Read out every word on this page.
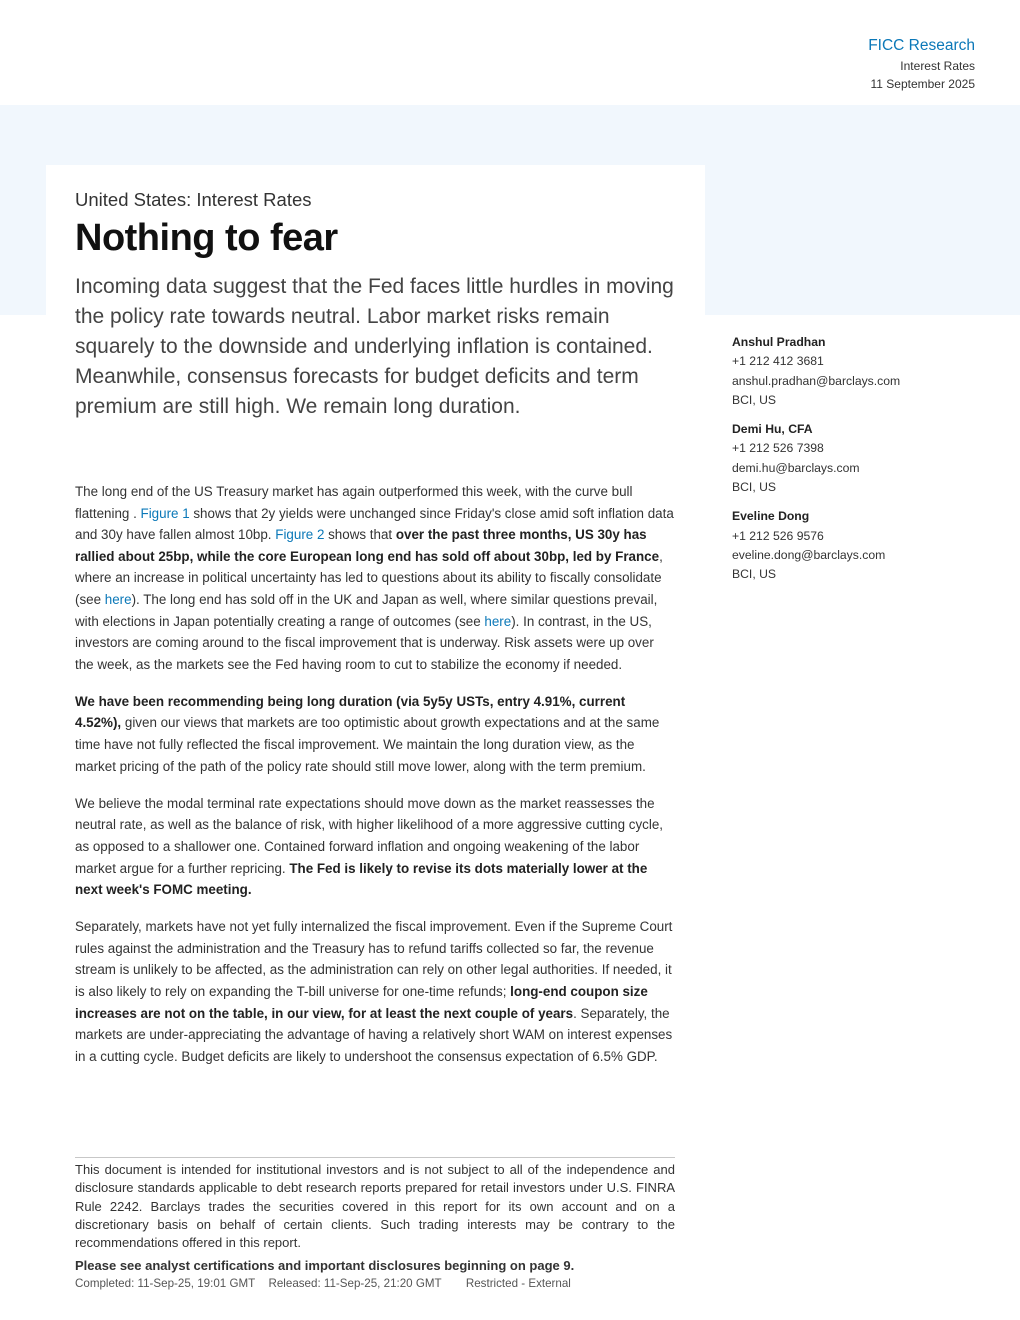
FICC Research
Interest Rates
11 September 2025
United States: Interest Rates
Nothing to fear
Incoming data suggest that the Fed faces little hurdles in moving the policy rate towards neutral. Labor market risks remain squarely to the downside and underlying inflation is contained. Meanwhile, consensus forecasts for budget deficits and term premium are still high. We remain long duration.
Anshul Pradhan
+1 212 412 3681
anshul.pradhan@barclays.com
BCI, US
Demi Hu, CFA
+1 212 526 7398
demi.hu@barclays.com
BCI, US
Eveline Dong
+1 212 526 9576
eveline.dong@barclays.com
BCI, US

The long end of the US Treasury market has again outperformed this week, with the curve bull flattening . Figure 1 shows that 2y yields were unchanged since Friday's close amid soft inflation data and 30y have fallen almost 10bp. Figure 2 shows that over the past three months, US 30y has rallied about 25bp, while the core European long end has sold off about 30bp, led by France, where an increase in political uncertainty has led to questions about its ability to fiscally consolidate (see here). The long end has sold off in the UK and Japan as well, where similar questions prevail, with elections in Japan potentially creating a range of outcomes (see here). In contrast, in the US, investors are coming around to the fiscal improvement that is underway. Risk assets were up over the week, as the markets see the Fed having room to cut to stabilize the economy if needed.

We have been recommending being long duration (via 5y5y USTs, entry 4.91%, current 4.52%), given our views that markets are too optimistic about growth expectations and at the same time have not fully reflected the fiscal improvement. We maintain the long duration view, as the market pricing of the path of the policy rate should still move lower, along with the term premium.

We believe the modal terminal rate expectations should move down as the market reassesses the neutral rate, as well as the balance of risk, with higher likelihood of a more aggressive cutting cycle, as opposed to a shallower one. Contained forward inflation and ongoing weakening of the labor market argue for a further repricing. The Fed is likely to revise its dots materially lower at the next week's FOMC meeting.

Separately, markets have not yet fully internalized the fiscal improvement. Even if the Supreme Court rules against the administration and the Treasury has to refund tariffs collected so far, the revenue stream is unlikely to be affected, as the administration can rely on other legal authorities. If needed, it is also likely to rely on expanding the T-bill universe for one-time refunds; long-end coupon size increases are not on the table, in our view, for at least the next couple of years. Separately, the markets are under-appreciating the advantage of having a relatively short WAM on interest expenses in a cutting cycle. Budget deficits are likely to undershoot the consensus expectation of 6.5% GDP.

This document is intended for institutional investors and is not subject to all of the independence and disclosure standards applicable to debt research reports prepared for retail investors under U.S. FINRA Rule 2242. Barclays trades the securities covered in this report for its own account and on a discretionary basis on behalf of certain clients. Such trading interests may be contrary to the recommendations offered in this report.
Please see analyst certifications and important disclosures beginning on page 9.
Completed: 11-Sep-25, 19:01 GMT Released: 11-Sep-25, 21:20 GMT Restricted - External
